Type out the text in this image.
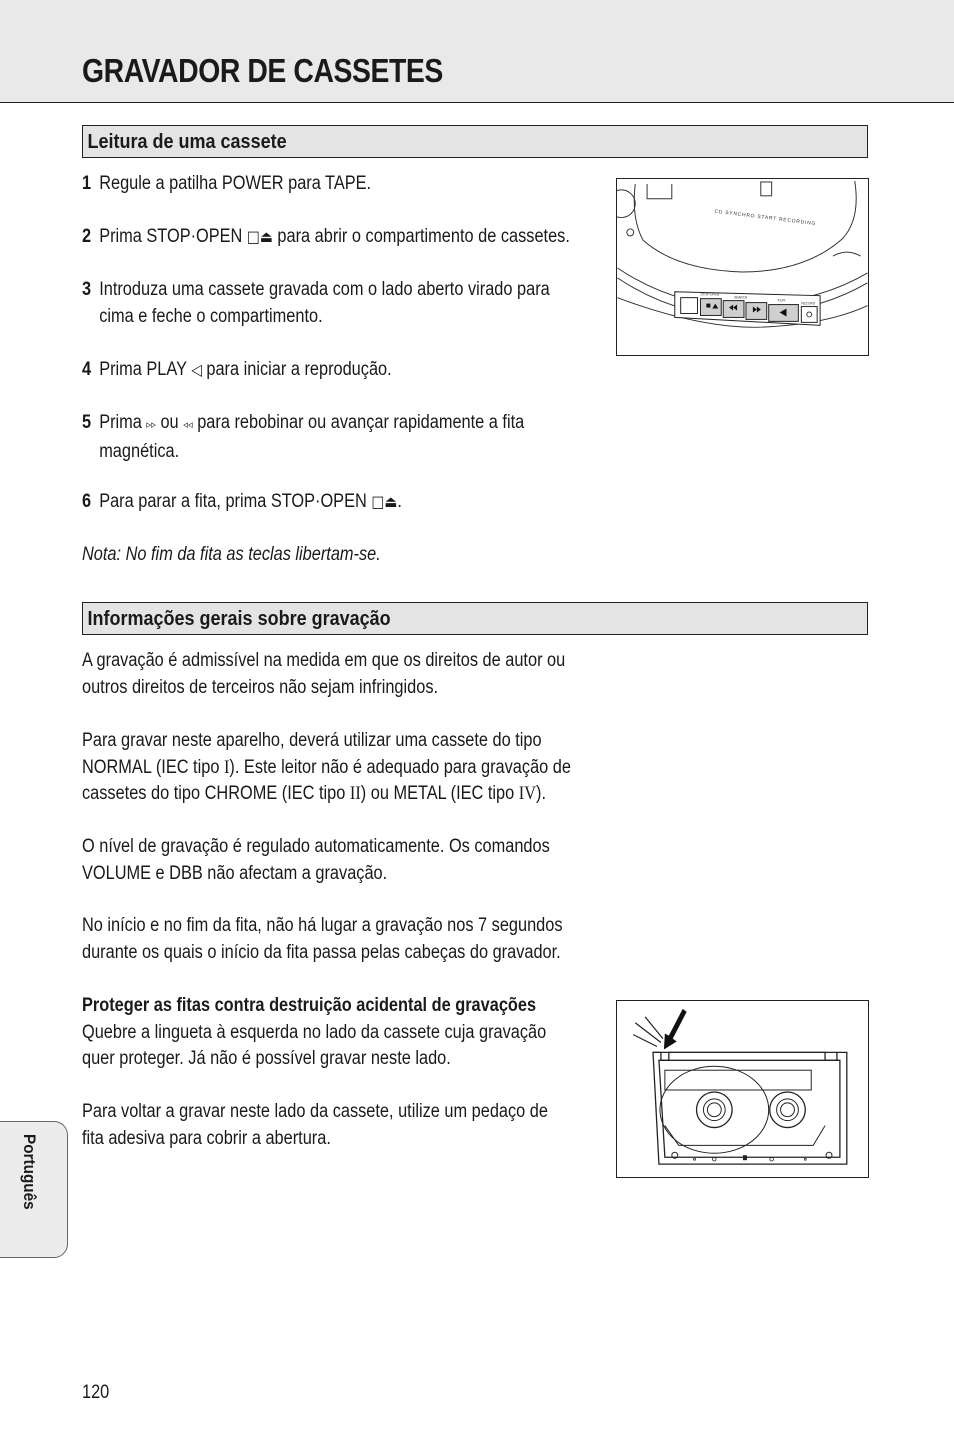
GRAVADOR DE CASSETES
Leitura de uma cassete
1 Regule a patilha POWER para TAPE.
2 Prima STOP·OPEN □⏏ para abrir o compartimento de cassetes.
3 Introduza uma cassete gravada com o lado aberto virado para
cima e feche o compartimento.
4 Prima PLAY ◁ para iniciar a reprodução.
5 Prima ▹▹ ou ◃◃ para rebobinar ou avançar rapidamente a fita
magnética.
6 Para parar a fita, prima STOP·OPEN □⏏.
Nota: No fim da fita as teclas libertam-se.
CD SYNCHRO START RECORDING
STOP·OPEN
SEARCH
PLAY
RECORD
Informações gerais sobre gravação
A gravação é admissível na medida em que os direitos de autor ou
outros direitos de terceiros não sejam infringidos.
Para gravar neste aparelho, deverá utilizar uma cassete do tipo
NORMAL (IEC tipo I). Este leitor não é adequado para gravação de
cassetes do tipo CHROME (IEC tipo II) ou METAL (IEC tipo IV).
O nível de gravação é regulado automaticamente. Os comandos
VOLUME e DBB não afectam a gravação.
No início e no fim da fita, não há lugar a gravação nos 7 segundos
durante os quais o início da fita passa pelas cabeças do gravador.
Proteger as fitas contra destruição acidental de gravações
Quebre a lingueta à esquerda no lado da cassete cuja gravação
quer proteger. Já não é possível gravar neste lado.
Para voltar a gravar neste lado da cassete, utilize um pedaço de
fita adesiva para cobrir a abertura.
Português
120
